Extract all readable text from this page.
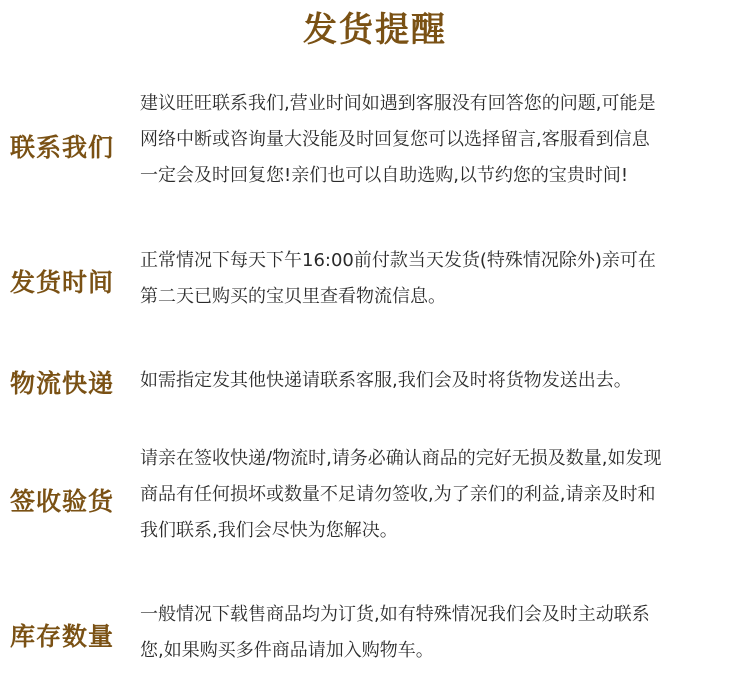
发货提醒
联系我们

建议旺旺联系我们,营业时间如遇到客服没有回答您的问题,可能是

网络中断或咨询量大没能及时回复您可以选择留言,客服看到信息

一定会及时回复您!亲们也可以自助选购,以节约您的宝贵时间!

发货时间

正常情况下每天下午16:00前付款当天发货(特殊情况除外)亲可在

第二天已购买的宝贝里查看物流信息。

物流快递	如需指定发其他快递请联系客服,我们会及时将货物发送出去。

签收验货

请亲在签收快递/物流时,请务必确认商品的完好无损及数量,如发现

商品有任何损坏或数量不足请勿签收,为了亲们的利益,请亲及时和

我们联系,我们会尽快为您解决。

库存数量

一般情况下载售商品均为订货,如有特殊情况我们会及时主动联系

您,如果购买多件商品请加入购物车。
